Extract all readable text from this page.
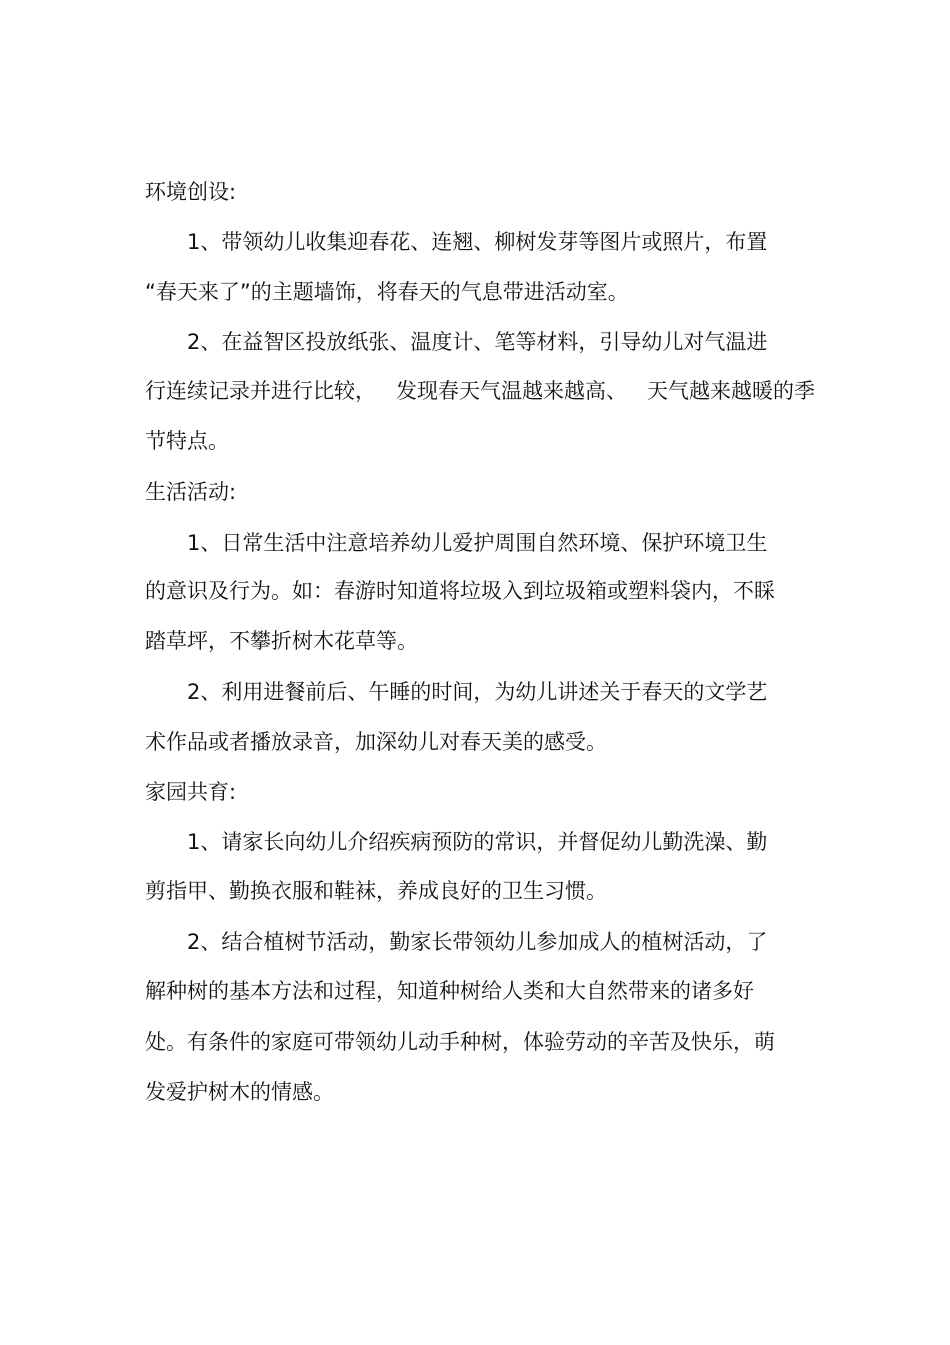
环境创设:

1、带领幼儿收集迎春花、连翘、柳树发芽等图片或照片，布置

“春天来了”的主题墙饰，将春天的气息带进活动室。

2、在益智区投放纸张、温度计、笔等材料，引导幼儿对气温进

行连续记录并进行比较，   发现春天气温越来越高、   天气越来越暖的季

节特点。

生活活动:

1、日常生活中注意培养幼儿爱护周围自然环境、保护环境卫生

的意识及行为。如：春游时知道将垃圾入到垃圾箱或塑料袋内，不睬

踏草坪，不攀折树木花草等。

2、利用进餐前后、午睡的时间，为幼儿讲述关于春天的文学艺

术作品或者播放录音，加深幼儿对春天美的感受。

家园共育:

1、请家长向幼儿介绍疾病预防的常识，并督促幼儿勤洗澡、勤

剪指甲、勤换衣服和鞋袜，养成良好的卫生习惯。

2、结合植树节活动，勤家长带领幼儿参加成人的植树活动，了

解种树的基本方法和过程，知道种树给人类和大自然带来的诸多好

处。有条件的家庭可带领幼儿动手种树，体验劳动的辛苦及快乐，萌

发爱护树木的情感。
